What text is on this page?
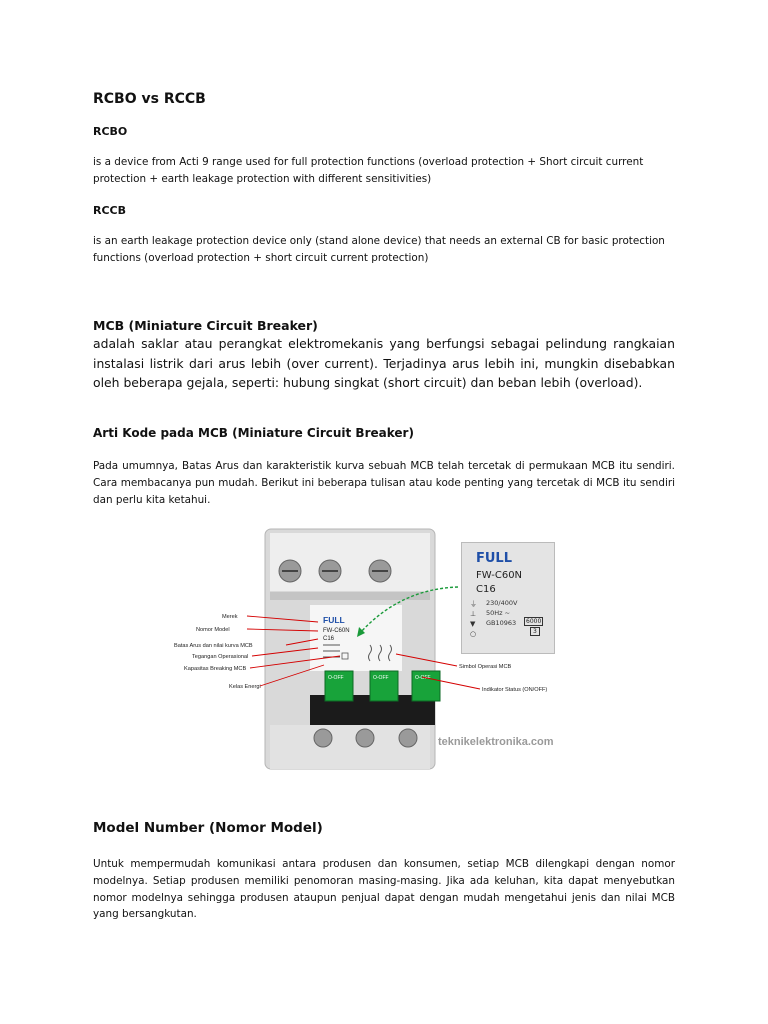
RCBO vs RCCB
RCBO
is a device from Acti 9 range used for full protection functions (overload protection + Short circuit current protection + earth leakage protection with different sensitivities)
RCCB
is an earth leakage protection device only (stand alone device) that needs an external CB for basic protection functions (overload protection + short circuit current protection)
MCB (Miniature Circuit Breaker)
adalah saklar atau perangkat elektromekanis yang berfungsi sebagai pelindung rangkaian instalasi listrik dari arus lebih (over current). Terjadinya arus lebih ini, mungkin disebabkan oleh beberapa gejala, seperti: hubung singkat (short circuit) dan beban lebih (overload).
Arti Kode pada MCB (Miniature Circuit Breaker)
Pada umumnya, Batas Arus dan karakteristik kurva sebuah MCB telah tercetak di permukaan MCB itu sendiri. Cara membacanya pun mudah. Berikut ini beberapa tulisan atau kode penting yang tercetak di MCB itu sendiri dan perlu kita ketahui.
FULL
FW-C60N
C16
O-OFF	O-OFF	O-OFF
teknikelektronika.com
Merek
Nomor Model
Batas Arus dan nilai kurva MCB
Tegangan Operasional
Kapasitas Breaking MCB
Kelas Energi
Simbol Operasi MCB
Indikator Status (ON/OFF)
FULL
FW-C60N
C16
230/400V
50Hz ~
GB10963	6000
3
⏚
⊥
▼
○
Model Number (Nomor Model)
Untuk mempermudah komunikasi antara produsen dan konsumen, setiap MCB dilengkapi dengan nomor modelnya. Setiap produsen memiliki penomoran masing-masing. Jika ada keluhan, kita dapat menyebutkan nomor modelnya sehingga produsen ataupun penjual dapat dengan mudah mengetahui jenis dan nilai MCB yang bersangkutan.
